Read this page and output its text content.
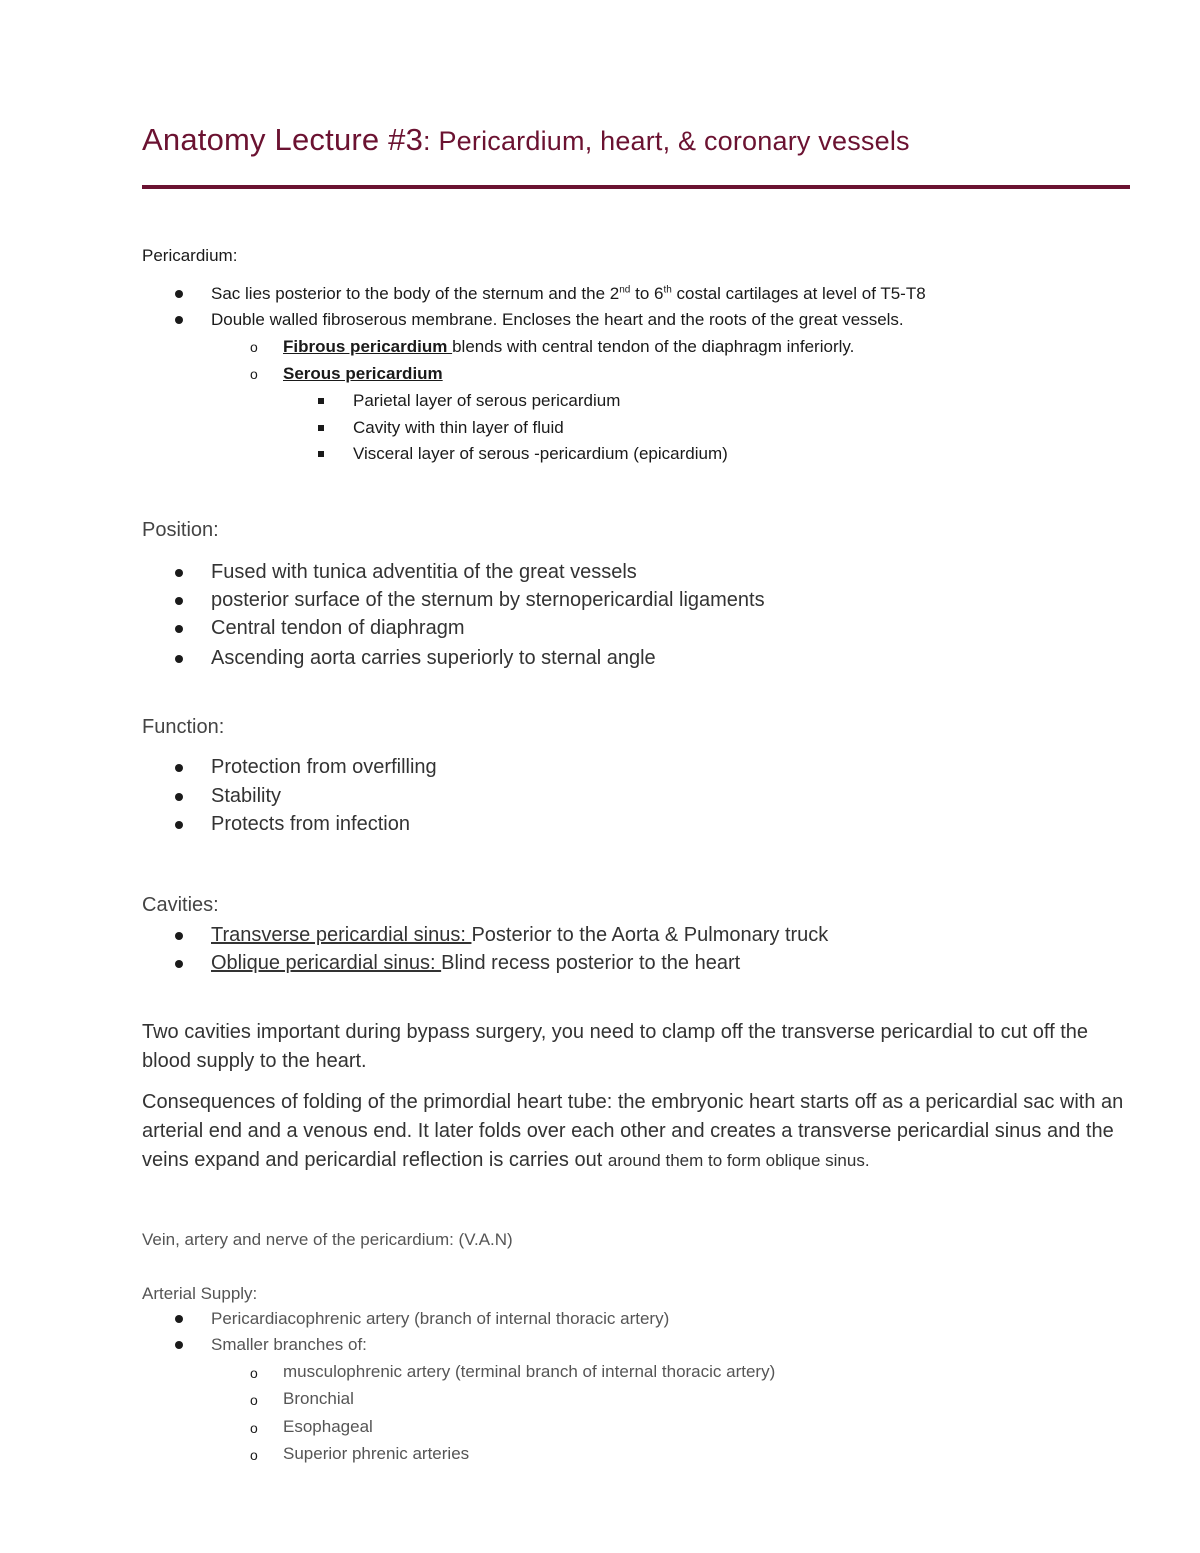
Anatomy Lecture #3: Pericardium, heart, & coronary vessels
Pericardium:
Sac lies posterior to the body of the sternum and the 2nd to 6th costal cartilages at level of T5-T8
Double walled fibroserous membrane. Encloses the heart and the roots of the great vessels.
o Fibrous pericardium blends with central tendon of the diaphragm inferiorly.
o Serous pericardium
Parietal layer of serous pericardium
Cavity with thin layer of fluid
Visceral layer of serous -pericardium (epicardium)
Position:
Fused with tunica adventitia of the great vessels
posterior surface of the sternum by sternopericardial ligaments
Central tendon of diaphragm
Ascending aorta carries superiorly to sternal angle
Function:
Protection from overfilling
Stability
Protects from infection
Cavities:
Transverse pericardial sinus: Posterior to the Aorta & Pulmonary truck
Oblique pericardial sinus: Blind recess posterior to the heart
Two cavities important during bypass surgery, you need to clamp off the transverse pericardial to cut off the blood supply to the heart.
Consequences of folding of the primordial heart tube: the embryonic heart starts off as a pericardial sac with an arterial end and a venous end. It later folds over each other and creates a transverse pericardial sinus and the veins expand and pericardial reflection is carries out around them to form oblique sinus.
Vein, artery and nerve of the pericardium: (V.A.N)
Arterial Supply:
Pericardiacophrenic artery (branch of internal thoracic artery)
Smaller branches of:
o musculophrenic artery (terminal branch of internal thoracic artery)
o Bronchial
o Esophageal
o Superior phrenic arteries
